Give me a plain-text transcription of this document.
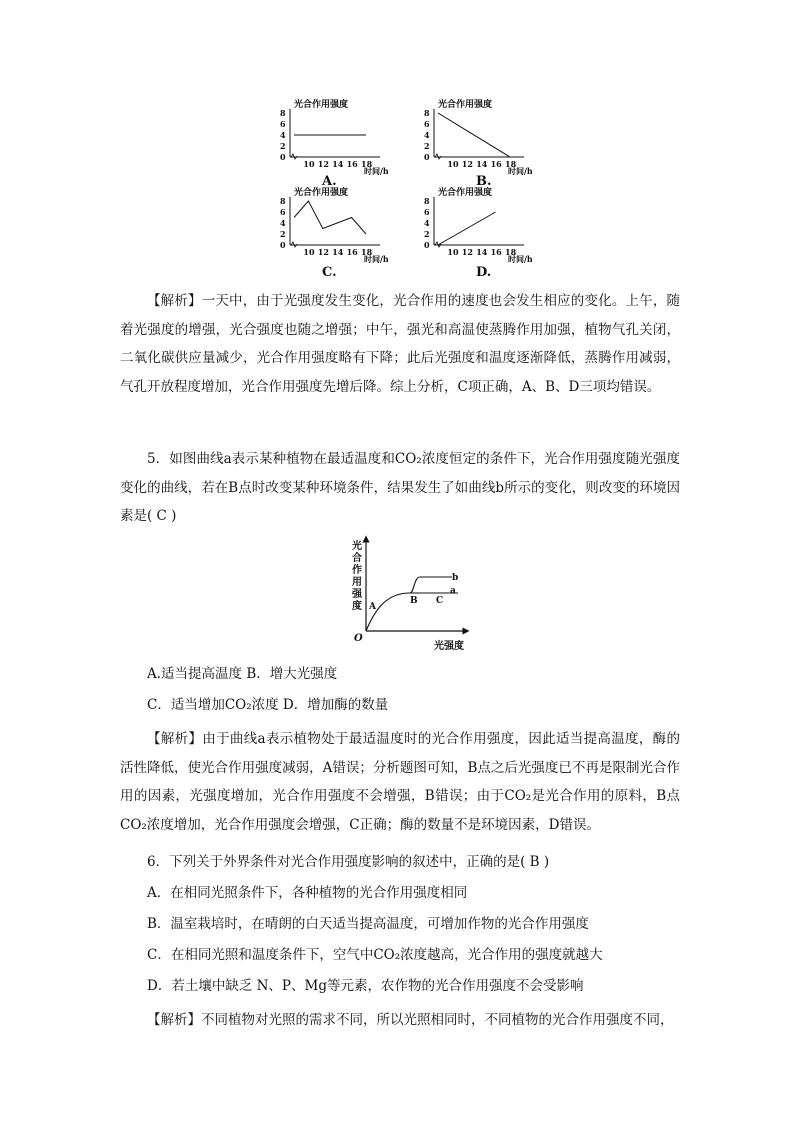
光合作用强度
8
6
4
2
0
10 12 14 16 18
时间/h
A.
光合作用强度
8
6
4
2
0
10 12 14 16 18
时间/h
B.
光合作用强度
8
6
4
2
0
10 12 14 16 18
时间/h
C.
光合作用强度
8
6
4
2
0
10 12 14 16 18
时间/h
D.

【解析】一天中，由于光强度发生变化，光合作用的速度也会发生相应的变化。上午，随着光强度的增强，光合强度也随之增强；中午，强光和高温使蒸腾作用加强，植物气孔关闭，二氧化碳供应量减少，光合作用强度略有下降；此后光强度和温度逐渐降低，蒸腾作用减弱，气孔开放程度增加，光合作用强度先增后降。综上分析，C项正确，A、B、D三项均错误。

5．如图曲线a表示某种植物在最适温度和CO₂浓度恒定的条件下，光合作用强度随光强度变化的曲线，若在B点时改变某种环境条件，结果发生了如曲线b所示的变化，则改变的环境因素是( C )

光
合
作
用
强
度
O
光强度
A
B C
a
b
A.适当提高温度 B．增大光强度
C．适当增加CO₂浓度 D．增加酶的数量

【解析】由于曲线a表示植物处于最适温度时的光合作用强度，因此适当提高温度，酶的活性降低，使光合作用强度减弱，A错误；分析题图可知，B点之后光强度已不再是限制光合作用的因素，光强度增加，光合作用强度不会增强，B错误；由于CO₂是光合作用的原料，B点CO₂浓度增加，光合作用强度会增强，C正确；酶的数量不是环境因素，D错误。

6．下列关于外界条件对光合作用强度影响的叙述中，正确的是( B )
A．在相同光照条件下，各种植物的光合作用强度相同
B．温室栽培时，在晴朗的白天适当提高温度，可增加作物的光合作用强度
C．在相同光照和温度条件下，空气中CO₂浓度越高，光合作用的强度就越大
D．若土壤中缺乏 N、P、Mg等元素，农作物的光合作用强度不会受影响

【解析】不同植物对光照的需求不同，所以光照相同时，不同植物的光合作用强度不同，
